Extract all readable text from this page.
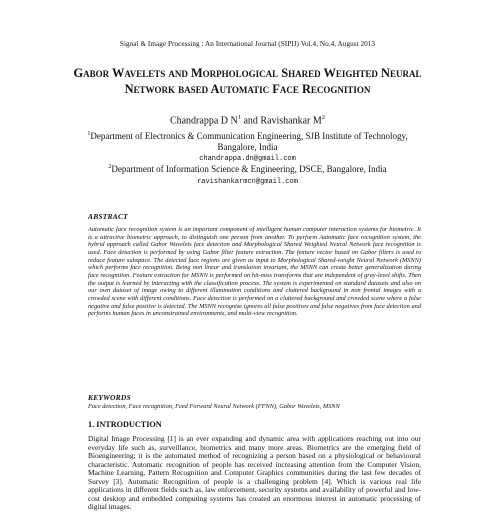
Signal & Image Processing : An International Journal (SIPIJ) Vol.4, No.4, August 2013
Gabor Wavelets and Morphological Shared Weighted Neural Network based Automatic Face Recognition
Chandrappa D $N^1$ and Ravishankar $M^2$
$^1$Department of Electronics & Communication Engineering, SJB Institute of Technology,
Bangalore, India
chandrappa.dn@gmail.com
$^2$Department of Information Science & Engineering, DSCE, Bangalore, India
ravishankarmcn@gmail.com
ABSTRACT
Automatic face recognition system is an important component of intelligent human computer interaction systems for biometric. It is a attractive biometric approach, to distinguish one person from another. To perform Automatic face recognition system, the hybrid approach called Gabor Wavelets face detection and Morphological Shared Weighted Neural Network face recognition is used. Face detection is performed by using Gabor filter feature extraction. The feature vector based on Gabor filters is used to reduce feature subspace. The detected face regions are given as input to Morphological Shared-weight Neural Network (MSNN) which performs face recognition. Being non linear and translation invariant, the MSNN can create better generalization during face recognition. Feature extraction for MSNN is performed on hit-miss transforms that are independent of gray-level shifts. Then the output is learned by interacting with the classification process. The system is experimented on standard datasets and also on our own dataset of image owing to different illumination conditions and cluttered background in non frontal images with a crowded scene with different conditions. Face detection is performed on a cluttered background and crowded scene where a false negative and false positive is detected. The MSNN recognize ignores all false positives and false negatives from face detection and performs human faces in unconstrained environments, and multi-view recognition.
KEYWORDS
Face detection, Face recognition, Feed Forward Neural Network (FFNN), Gabor Wavelets, MSNN
1. INTRODUCTION
Digital Image Processing [1] is an ever expanding and dynamic area with applications reaching out into our everyday life such as, surveillance, biometrics and many more areas. Biometrics are the emerging field of Bioengineering; it is the automated method of recognizing a person based on a physiological or behavioural characteristic. Automatic recognition of people has received increasing attention from the Computer Vision, Machine Learning, Pattern Recognition and Computer Graphics communities during the last few decades of Survey [3]. Automatic Recognition of people is a challenging problem [4]. Which is various real life applications in different fields such as, law enforcement, security systems and availability of powerful and low-cost desktop and embedded computing systems has created an enormous interest in automatic processing of digital images.
